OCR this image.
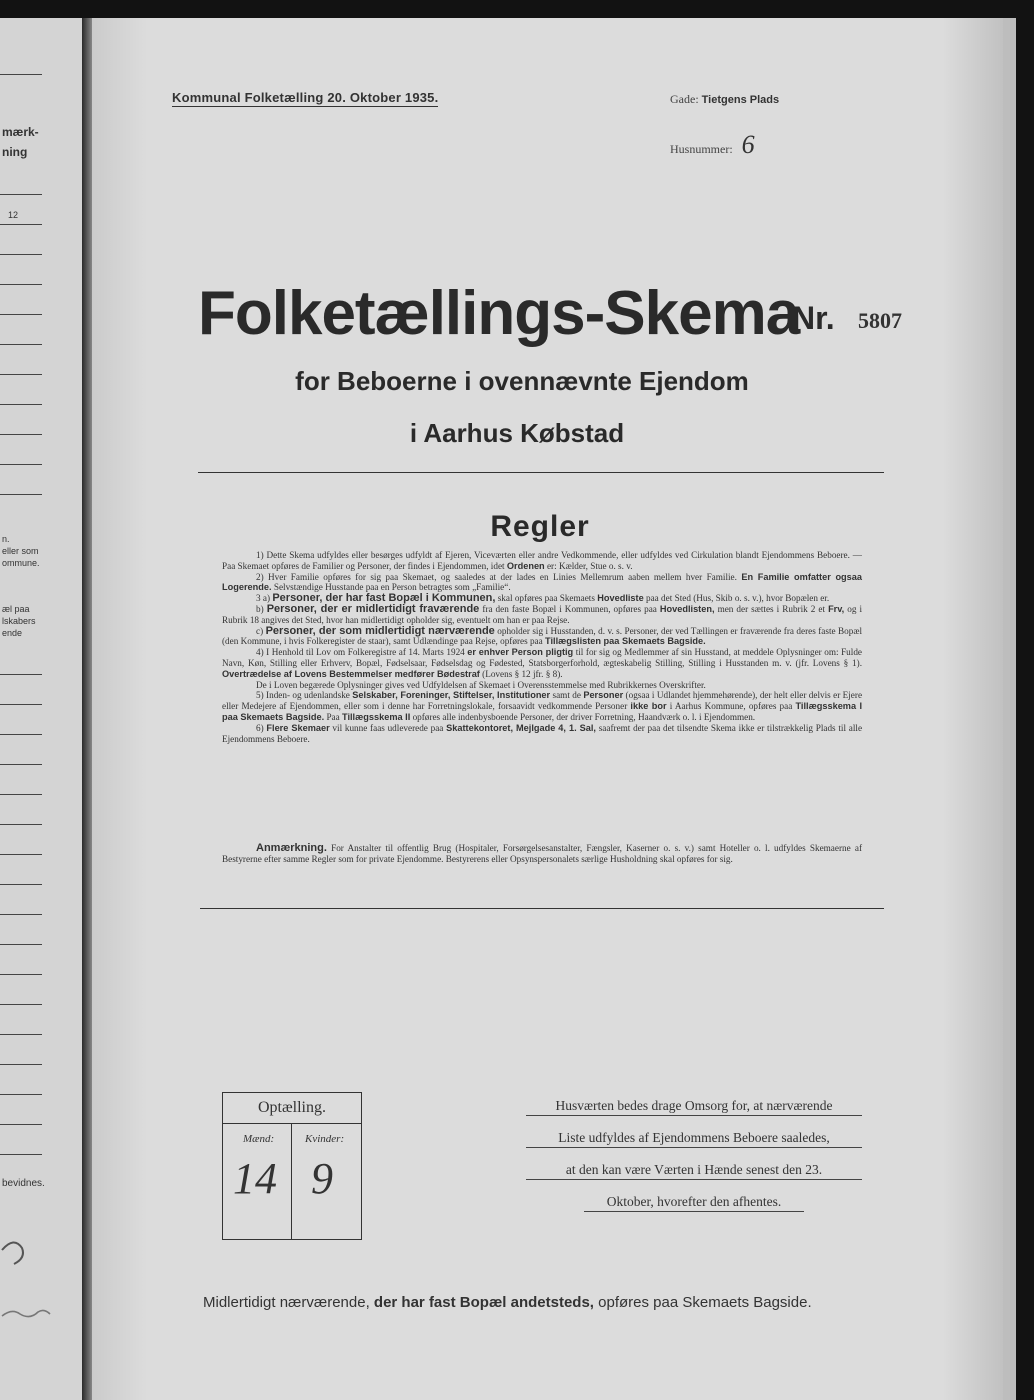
mærk-
ning
12
n.
eller som
ommune.
æl paa
lskabers
ende
bevidnes.
Kommunal Folketælling 20. Oktober 1935.	Gade: Tietgens Plads
Husnummer: 6
Folketællings-Skema
Nr. 5807
for Beboerne i ovennævnte Ejendom
i Aarhus Købstad
Regler

1) Dette Skema udfyldes eller besørges udfyldt af Ejeren, Viceværten eller andre Vedkommende, eller udfyldes ved Cirkulation blandt Ejendommens Beboere. — Paa Skemaet opføres de Familier og Personer, der findes i Ejendommen, idet Ordenen er: Kælder, Stue o. s. v.

2) Hver Familie opføres for sig paa Skemaet, og saaledes at der lades en Linies Mellemrum aaben mellem hver Familie. En Familie omfatter ogsaa Logerende. Selvstændige Husstande paa en Person betragtes som „Familie“.

3 a) Personer, der har fast Bopæl i Kommunen, skal opføres paa Skemaets Hovedliste paa det Sted (Hus, Skib o. s. v.), hvor Bopælen er.

b) Personer, der er midlertidigt fraværende fra den faste Bopæl i Kommunen, opføres paa Hovedlisten, men der sættes i Rubrik 2 et Frv, og i Rubrik 18 angives det Sted, hvor han midlertidigt opholder sig, eventuelt om han er paa Rejse.

c) Personer, der som midlertidigt nærværende opholder sig i Husstanden, d. v. s. Personer, der ved Tællingen er fraværende fra deres faste Bopæl (den Kommune, i hvis Folkeregister de staar), samt Udlændinge paa Rejse, opføres paa Tillægslisten paa Skemaets Bagside.

4) I Henhold til Lov om Folkeregistre af 14. Marts 1924 er enhver Person pligtig til for sig og Medlemmer af sin Husstand, at meddele Oplysninger om: Fulde Navn, Køn, Stilling eller Erhverv, Bopæl, Fødselsaar, Fødselsdag og Fødested, Statsborgerforhold, ægteskabelig Stilling, Stilling i Husstanden m. v. (jfr. Lovens § 1). Overtrædelse af Lovens Bestemmelser medfører Bødestraf (Lovens § 12 jfr. § 8).

De i Loven begærede Oplysninger gives ved Udfyldelsen af Skemaet i Overensstemmelse med Rubrikkernes Overskrifter.

5) Inden- og udenlandske Selskaber, Foreninger, Stiftelser, Institutioner samt de Personer (ogsaa i Udlandet hjemmehørende), der helt eller delvis er Ejere eller Medejere af Ejendommen, eller som i denne har Forretningslokale, forsaavidt vedkommende Personer ikke bor i Aarhus Kommune, opføres paa Tillægsskema I paa Skemaets Bagside. Paa Tillægsskema II opføres alle indenbysboende Personer, der driver Forretning, Haandværk o. l. i Ejendommen.

6) Flere Skemaer vil kunne faas udleverede paa Skattekontoret, Mejlgade 4, 1. Sal, saafremt der paa det tilsendte Skema ikke er tilstrækkelig Plads til alle Ejendommens Beboere.

Anmærkning. For Anstalter til offentlig Brug (Hospitaler, Forsørgelsesanstalter, Fængsler, Kaserner o. s. v.) samt Hoteller o. l. udfyldes Skemaerne af Bestyrerne efter samme Regler som for private Ejendomme. Bestyrerens eller Opsynspersonalets særlige Husholdning skal opføres for sig.

Optælling.
Mænd:	Kvinder:
14 9
Husværten bedes drage Omsorg for, at nærværende
Liste udfyldes af Ejendommens Beboere saaledes,
at den kan være Værten i Hænde senest den 23.
Oktober, hvorefter den afhentes.
Midlertidigt nærværende, der har fast Bopæl andetsteds, opføres paa Skemaets Bagside.
